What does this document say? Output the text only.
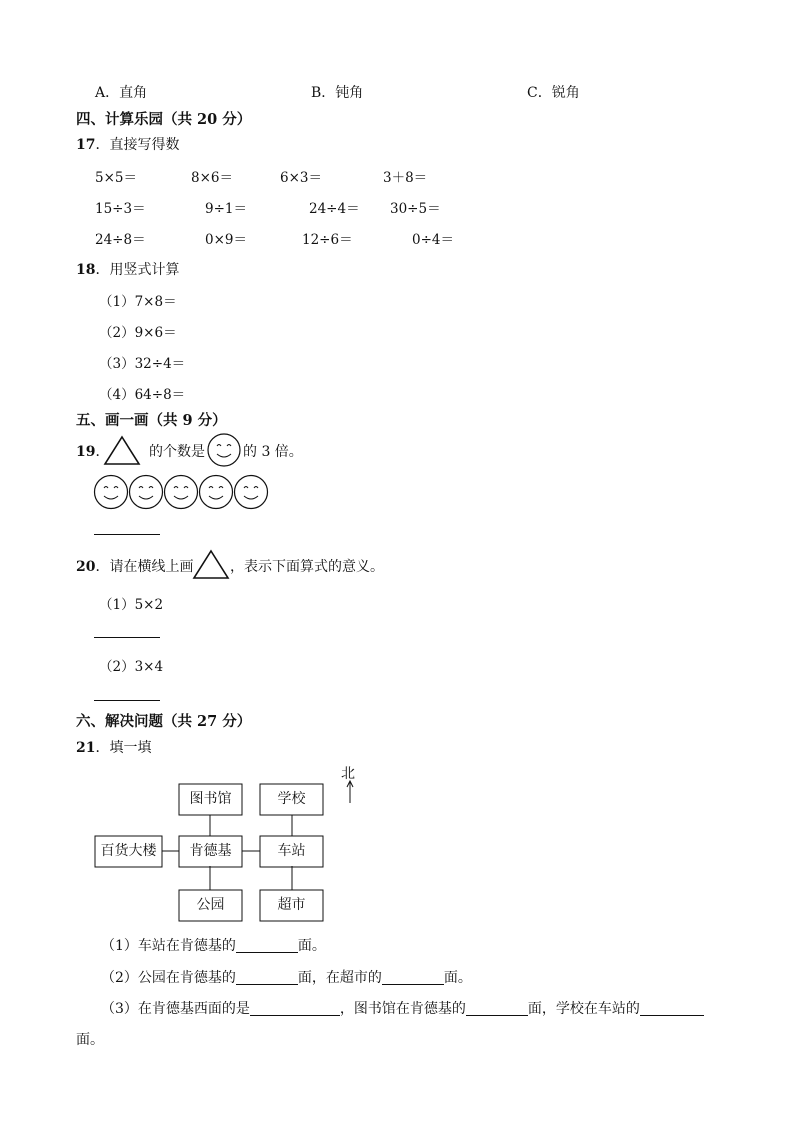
A．直角	B．钝角	C．锐角
四、计算乐园（共 20 分）
17．直接写得数
5×5＝	8×6＝	6×3＝	3＋8＝
15÷3＝	9÷1＝	24÷4＝ 30÷5＝
24÷8＝	0×9＝	12÷6＝	0÷4＝
18．用竖式计算
（1）7×8＝
（2）9×6＝
（3）32÷4＝
（4）64÷8＝
五、画一画（共 9 分）
19．	的个数是	的 3 倍。
20．请在横线上画	，表示下面算式的意义。
（1）5×2
（2）3×4
六、解决问题（共 27 分）
21．填一填
图书馆	学校
百货大楼	肯德基	车站
公园	超市
北
（1）车站在肯德基的	面。
（2）公园在肯德基的	面，在超市的	面。
（3）在肯德基西面的是	，图书馆在肯德基的	面，学校在车站的
面。
